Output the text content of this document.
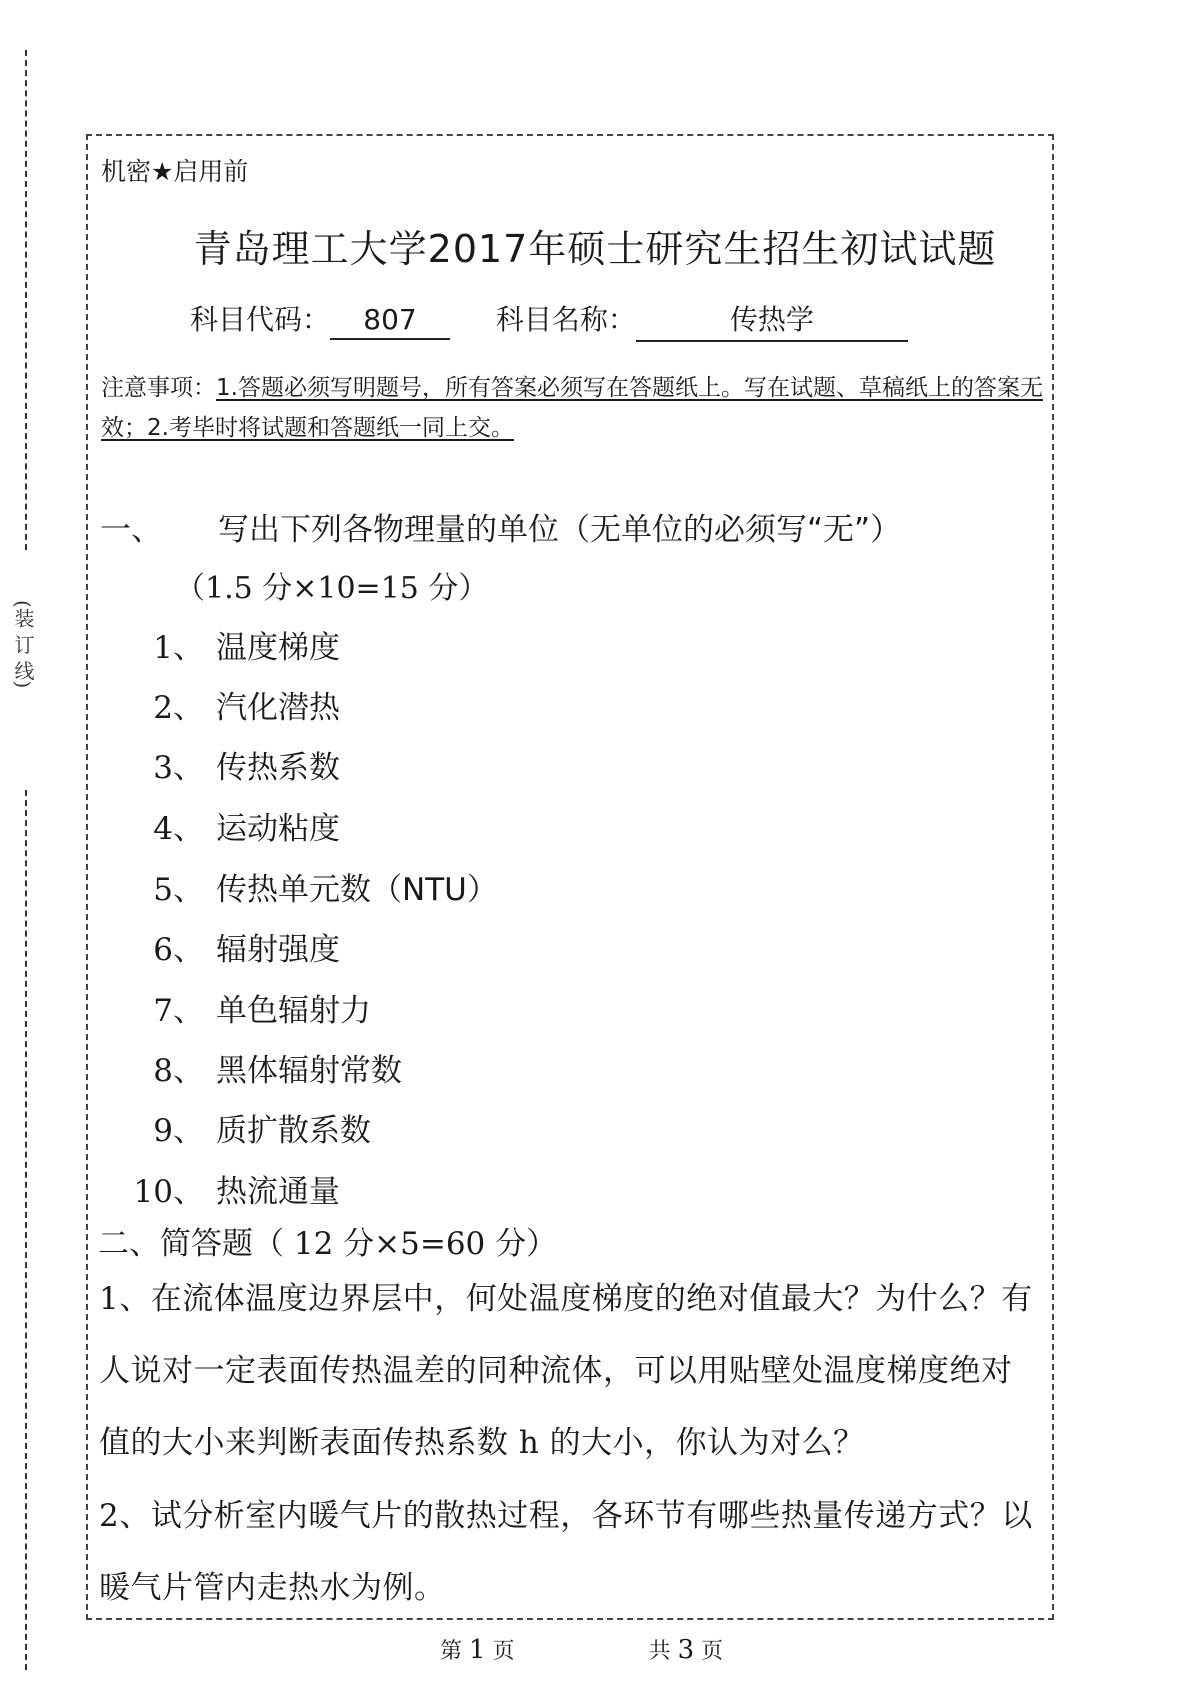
(装 订 线)
机密★启用前
青岛理工大学2017年硕士研究生招生初试试题
科目代码： 807	科目名称：	传热学
注意事项：1.答题必须写明题号，所有答案必须写在答题纸上。写在试题、草稿纸上的答案无效；2.考毕时将试题和答题纸一同上交。
一、 写出下列各物理量的单位（无单位的必须写“无”）
（1.5 分×10=15 分）
1、 温度梯度
2、 汽化潜热
3、 传热系数
4、 运动粘度
5、 传热单元数（NTU）
6、 辐射强度
7、 单色辐射力
8、 黑体辐射常数
9、 质扩散系数
10、 热流通量
二、简答题（ 12 分×5=60 分）
1、在流体温度边界层中，何处温度梯度的绝对值最大？为什么？有
人说对一定表面传热温差的同种流体，可以用贴壁处温度梯度绝对
值的大小来判断表面传热系数 h 的大小，你认为对么？
2、试分析室内暖气片的散热过程，各环节有哪些热量传递方式？以
暖气片管内走热水为例。
第 1 页	共 3 页
